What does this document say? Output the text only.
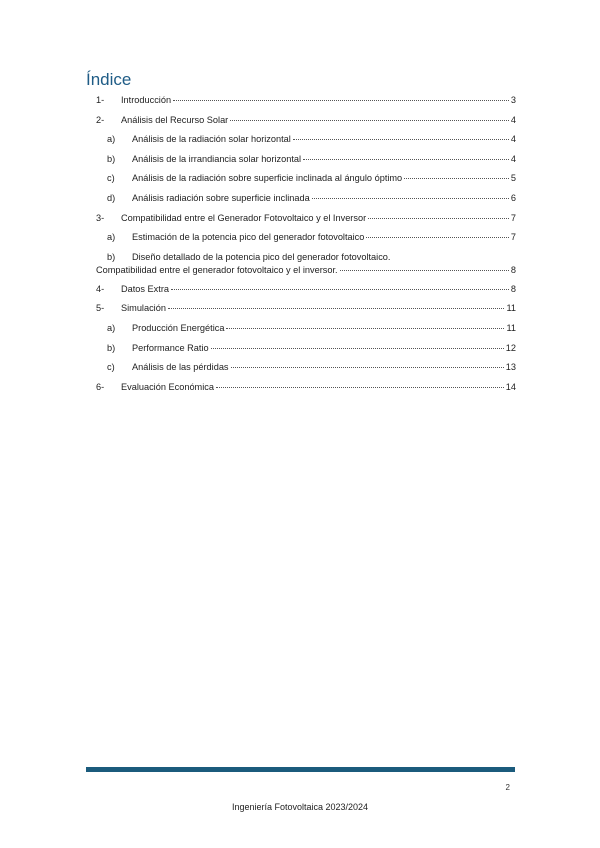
Índice
1-	Introducción	3
2-	Análisis del Recurso Solar	4
a)	Análisis de la radiación solar horizontal	4
b)	Análisis de la irrandiancia solar horizontal	4
c)	Análisis de la radiación sobre superficie inclinada al ángulo óptimo	5
d)	Análisis radiación sobre superficie inclinada	6
3-	Compatibilidad entre el Generador Fotovoltaico y el Inversor	7
a)	Estimación de la potencia pico del generador fotovoltaico	7
b)	Diseño detallado de la potencia pico del generador fotovoltaico.
Compatibilidad entre el generador fotovoltaico y el inversor.	8
4-	Datos Extra	8
5-	Simulación	11
a)	Producción Energética	11
b)	Performance Ratio	12
c)	Análisis de las pérdidas	13
6-	Evaluación Económica	14
2
Ingeniería Fotovoltaica 2023/2024
